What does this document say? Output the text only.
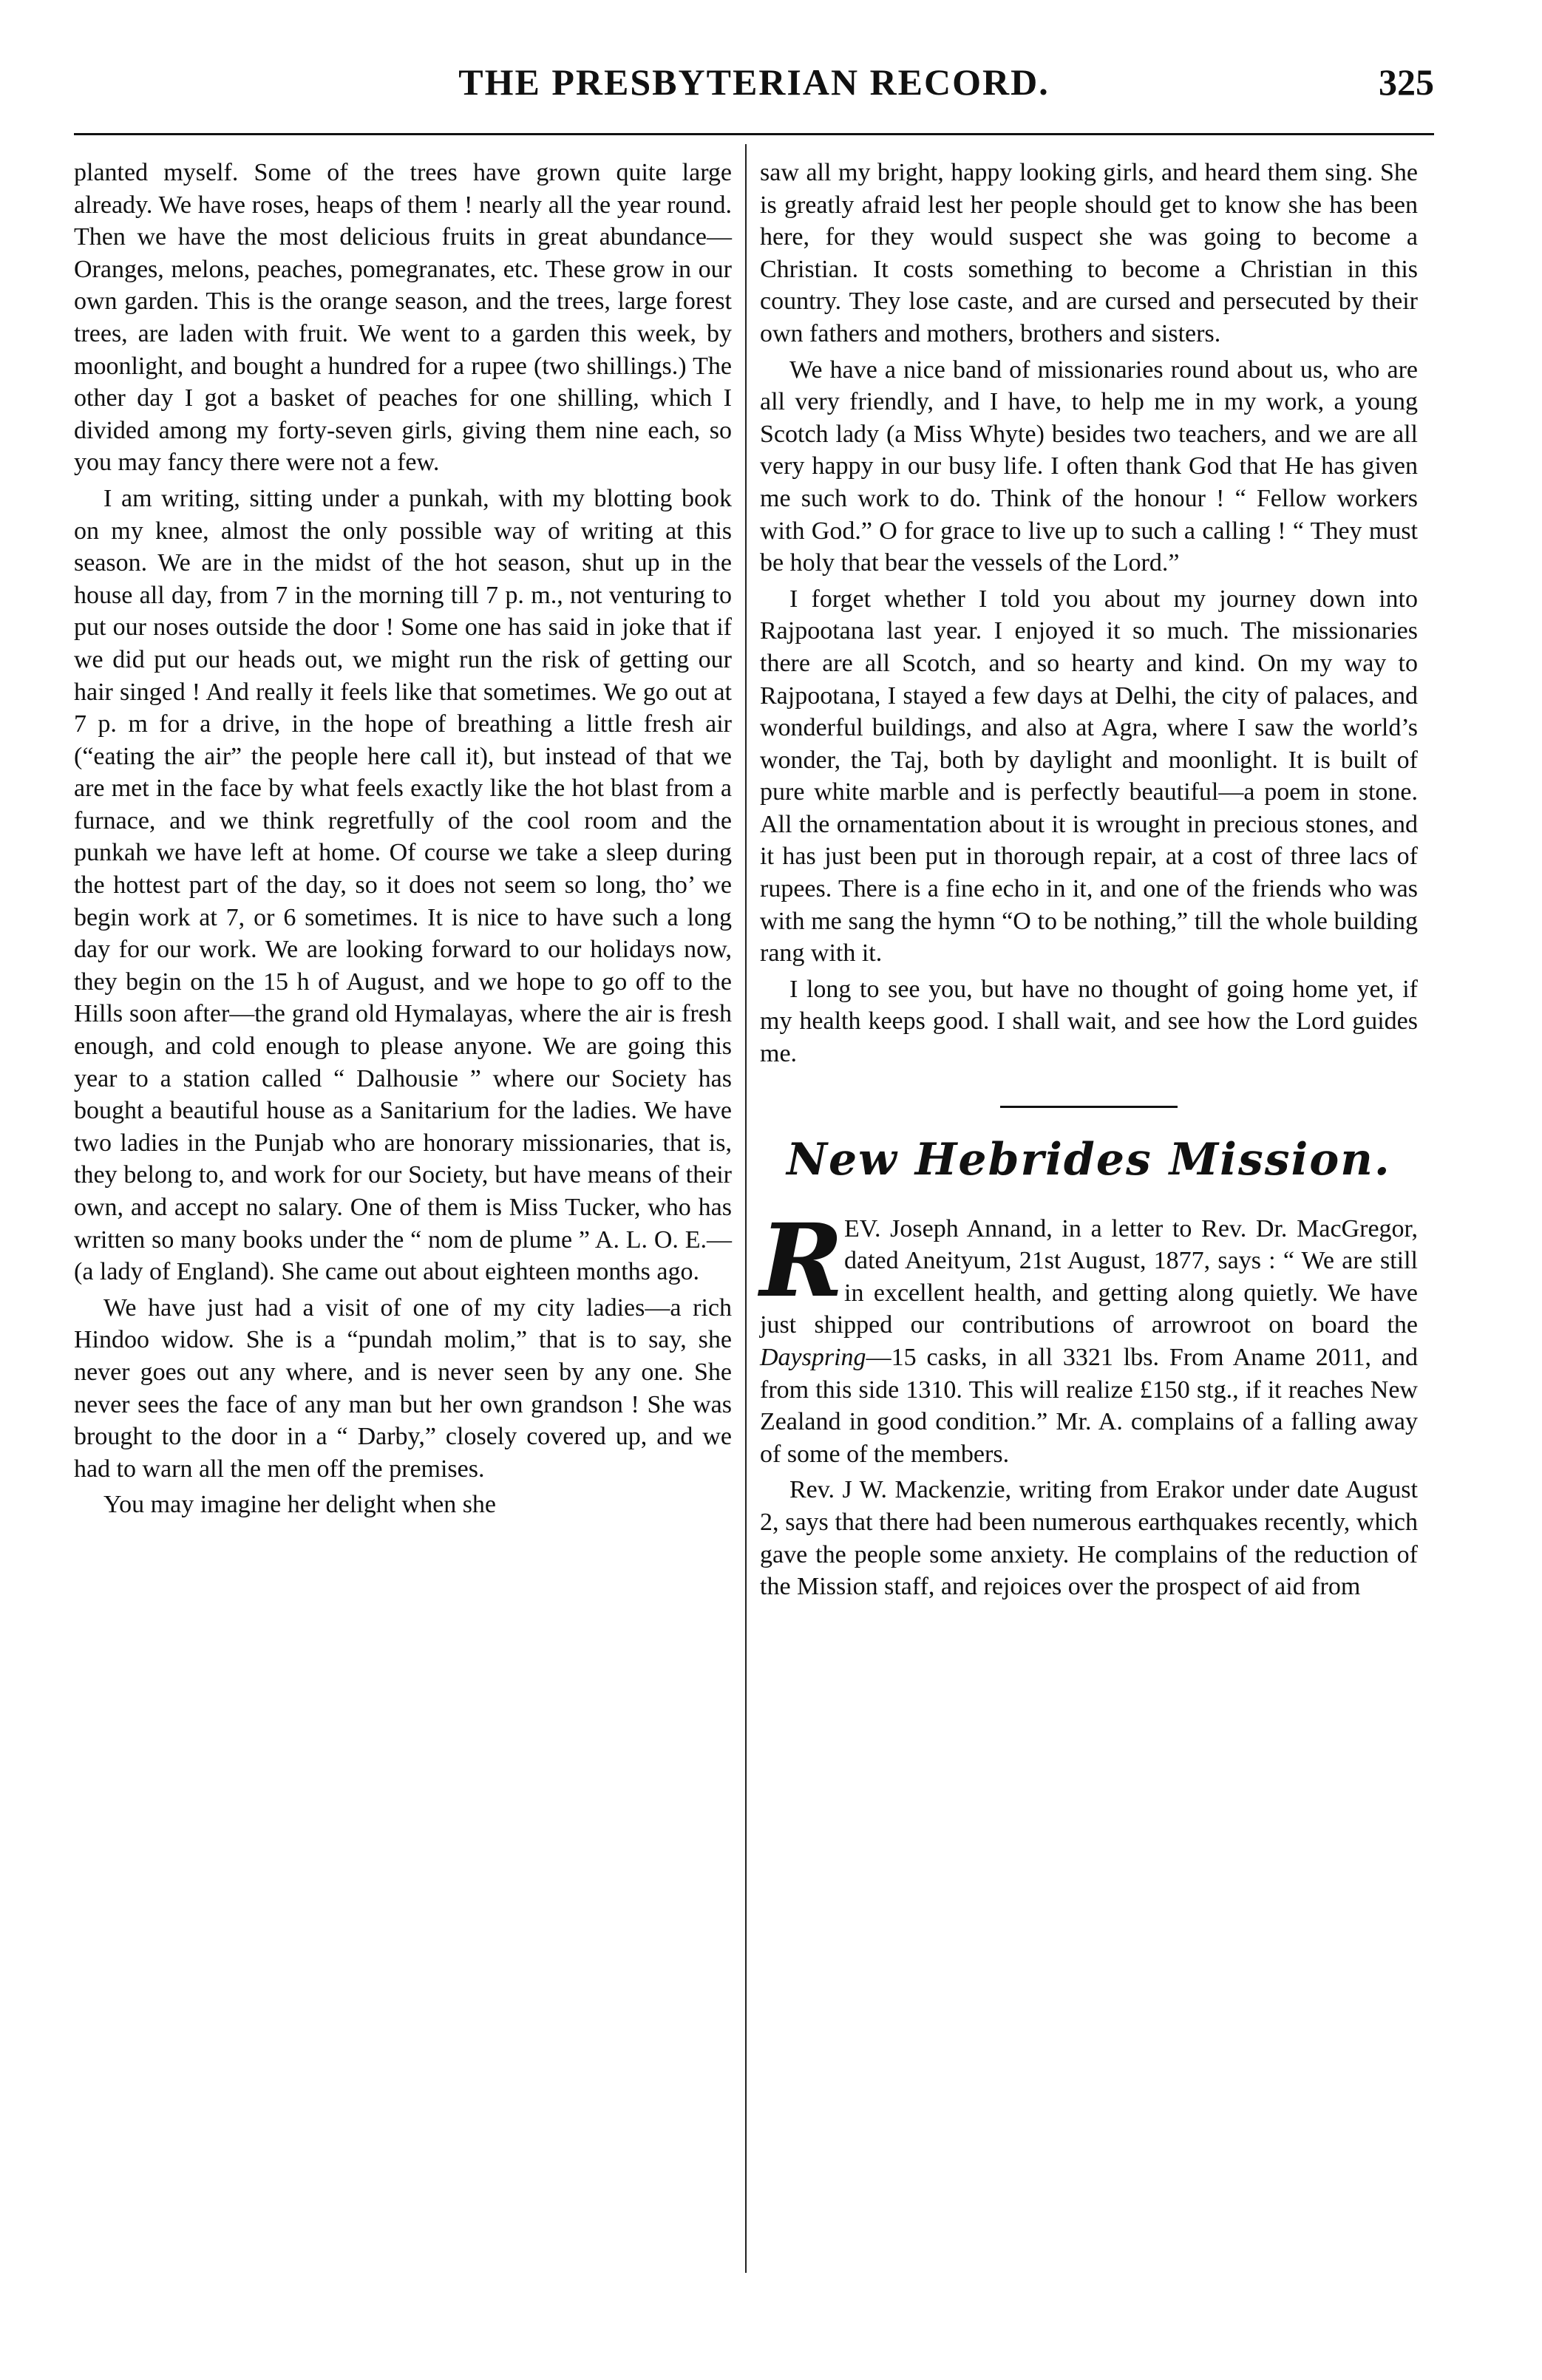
THE PRESBYTERIAN RECORD.	325

planted myself. Some of the trees have grown quite large already. We have roses, heaps of them ! nearly all the year round. Then we have the most delicious fruits in great abundance—Oranges, melons, peaches, pomegranates, etc. These grow in our own garden. This is the orange season, and the trees, large forest trees, are laden with fruit. We went to a garden this week, by moonlight, and bought a hundred for a rupee (two shillings.) The other day I got a basket of peaches for one shilling, which I divided among my forty-seven girls, giving them nine each, so you may fancy there were not a few.

I am writing, sitting under a punkah, with my blotting book on my knee, almost the only possible way of writing at this season. We are in the midst of the hot season, shut up in the house all day, from 7 in the morning till 7 p. m., not venturing to put our noses outside the door ! Some one has said in joke that if we did put our heads out, we might run the risk of getting our hair singed ! And really it feels like that sometimes. We go out at 7 p. m for a drive, in the hope of breathing a little fresh air (“eating the air” the people here call it), but instead of that we are met in the face by what feels exactly like the hot blast from a furnace, and we think regretfully of the cool room and the punkah we have left at home. Of course we take a sleep during the hottest part of the day, so it does not seem so long, tho’ we begin work at 7, or 6 sometimes. It is nice to have such a long day for our work. We are looking forward to our holidays now, they begin on the 15 h of August, and we hope to go off to the Hills soon after—the grand old Hymalayas, where the air is fresh enough, and cold enough to please anyone. We are going this year to a station called “ Dalhousie ” where our Society has bought a beautiful house as a Sanitarium for the ladies. We have two ladies in the Punjab who are honorary missionaries, that is, they belong to, and work for our Society, but have means of their own, and accept no salary. One of them is Miss Tucker, who has written so many books under the “ nom de plume ” A. L. O. E.—(a lady of England). She came out about eighteen months ago.

We have just had a visit of one of my city ladies—a rich Hindoo widow. She is a “pundah molim,” that is to say, she never goes out any where, and is never seen by any one. She never sees the face of any man but her own grandson ! She was brought to the door in a “ Darby,” closely covered up, and we had to warn all the men off the premises.

You may imagine her delight when she

saw all my bright, happy looking girls, and heard them sing. She is greatly afraid lest her people should get to know she has been here, for they would suspect she was going to become a Christian. It costs something to become a Christian in this country. They lose caste, and are cursed and persecuted by their own fathers and mothers, brothers and sisters.

We have a nice band of missionaries round about us, who are all very friendly, and I have, to help me in my work, a young Scotch lady (a Miss Whyte) besides two teachers, and we are all very happy in our busy life. I often thank God that He has given me such work to do. Think of the honour ! “ Fellow workers with God.” O for grace to live up to such a calling ! “ They must be holy that bear the vessels of the Lord.”

I forget whether I told you about my journey down into Rajpootana last year. I enjoyed it so much. The missionaries there are all Scotch, and so hearty and kind. On my way to Rajpootana, I stayed a few days at Delhi, the city of palaces, and wonderful buildings, and also at Agra, where I saw the world’s wonder, the Taj, both by daylight and moonlight. It is built of pure white marble and is perfectly beautiful—a poem in stone. All the ornamentation about it is wrought in precious stones, and it has just been put in thorough repair, at a cost of three lacs of rupees. There is a fine echo in it, and one of the friends who was with me sang the hymn “O to be nothing,” till the whole building rang with it.

I long to see you, but have no thought of going home yet, if my health keeps good. I shall wait, and see how the Lord guides me.

New Hebrides Mission.

REV. Joseph Annand, in a letter to Rev. Dr. MacGregor, dated Aneityum, 21st August, 1877, says : “ We are still in excellent health, and getting along quietly. We have just shipped our contributions of arrowroot on board the Dayspring—15 casks, in all 3321 lbs. From Aname 2011, and from this side 1310. This will realize £150 stg., if it reaches New Zealand in good condition.” Mr. A. complains of a falling away of some of the members.

Rev. J W. Mackenzie, writing from Erakor under date August 2, says that there had been numerous earthquakes recently, which gave the people some anxiety. He complains of the reduction of the Mission staff, and rejoices over the prospect of aid from
